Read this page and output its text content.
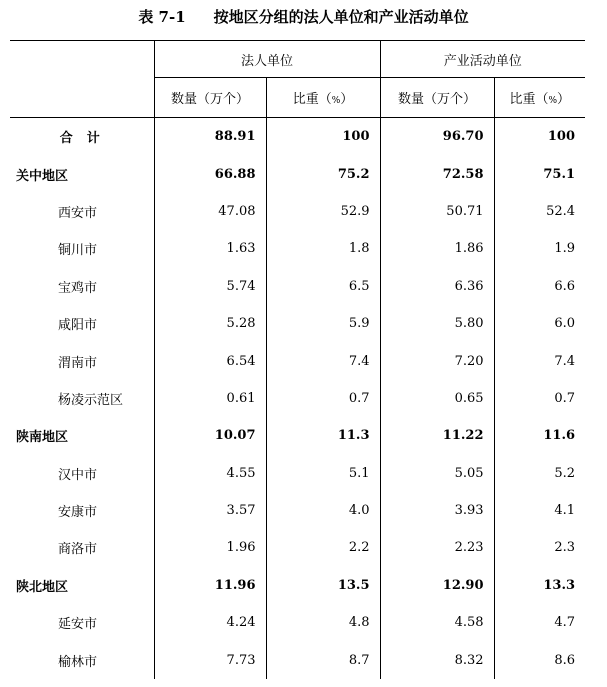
表 7-1 按地区分组的法人单位和产业活动单位
	法人单位		产业活动单位	
	数量（万个）	比重（%）	数量（万个）	比重（%）
合计	88.91	100	96.70	100
关中地区	66.88	75.2	72.58	75.1
西安市	47.08	52.9	50.71	52.4
铜川市	1.63	1.8	1.86	1.9
宝鸡市	5.74	6.5	6.36	6.6
咸阳市	5.28	5.9	5.80	6.0
渭南市	6.54	7.4	7.20	7.4
杨凌示范区	0.61	0.7	0.65	0.7
陕南地区	10.07	11.3	11.22	11.6
汉中市	4.55	5.1	5.05	5.2
安康市	3.57	4.0	3.93	4.1
商洛市	1.96	2.2	2.23	2.3
陕北地区	11.96	13.5	12.90	13.3
延安市	4.24	4.8	4.58	4.7
榆林市	7.73	8.7	8.32	8.6
